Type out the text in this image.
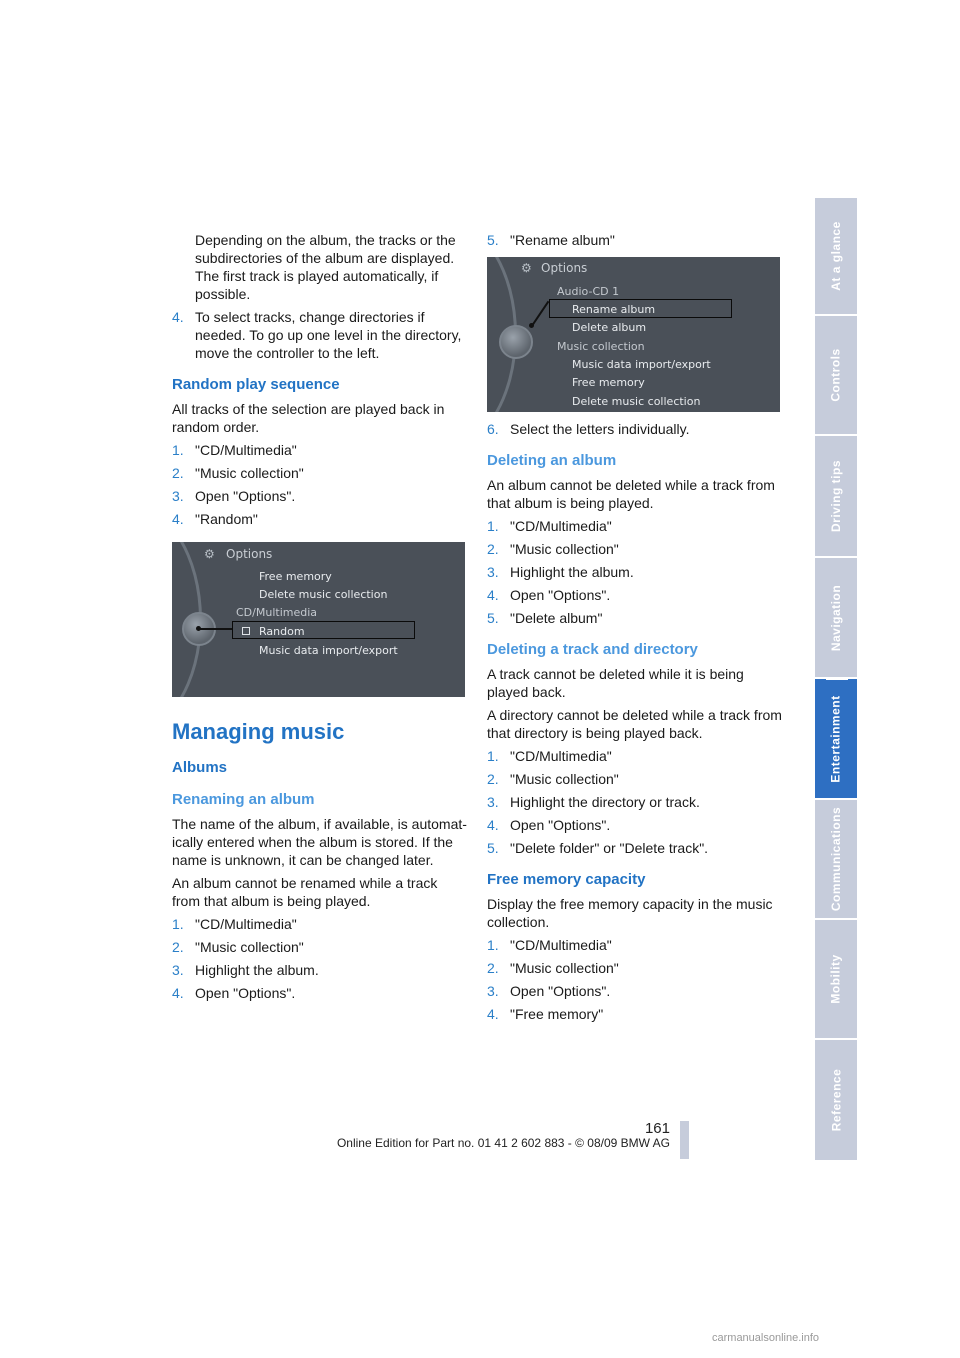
Depending on the album, the tracks or the subdirectories of the album are displayed. The first track is played automatically, if possible.

4. To select tracks, change directories if needed. To go up one level in the directory, move the controller to the left.
Random play sequence

All tracks of the selection are played back in random order.

1. "CD/Multimedia"
2. "Music collection"
3. Open "Options".
4. "Random"
⚙ Options
Free memory
Delete music collection
CD/Multimedia
Random
Music data import/export
Managing music
Albums
Renaming an album

The name of the album, if available, is automat-ically entered when the album is stored. If the name is unknown, it can be changed later.

An album cannot be renamed while a track from that album is being played.

1. "CD/Multimedia"
2. "Music collection"
3. Highlight the album.
4. Open "Options".
5. "Rename album"
⚙ Options
Audio-CD 1
Rename album
Delete album
Music collection
Music data import/export
Free memory
Delete music collection
6. Select the letters individually.
Deleting an album

An album cannot be deleted while a track from that album is being played.

1. "CD/Multimedia"
2. "Music collection"
3. Highlight the album.
4. Open "Options".
5. "Delete album"
Deleting a track and directory

A track cannot be deleted while it is being played back.

A directory cannot be deleted while a track from that directory is being played back.

1. "CD/Multimedia"
2. "Music collection"
3. Highlight the directory or track.
4. Open "Options".
5. "Delete folder" or "Delete track".
Free memory capacity

Display the free memory capacity in the music collection.

1. "CD/Multimedia"
2. "Music collection"
3. Open "Options".
4. "Free memory"
At a glance
Controls
Driving tips
Navigation
Entertainment
Communications
Mobility
Reference
161
Online Edition for Part no. 01 41 2 602 883 - © 08/09 BMW AG
carmanualsonline.info
